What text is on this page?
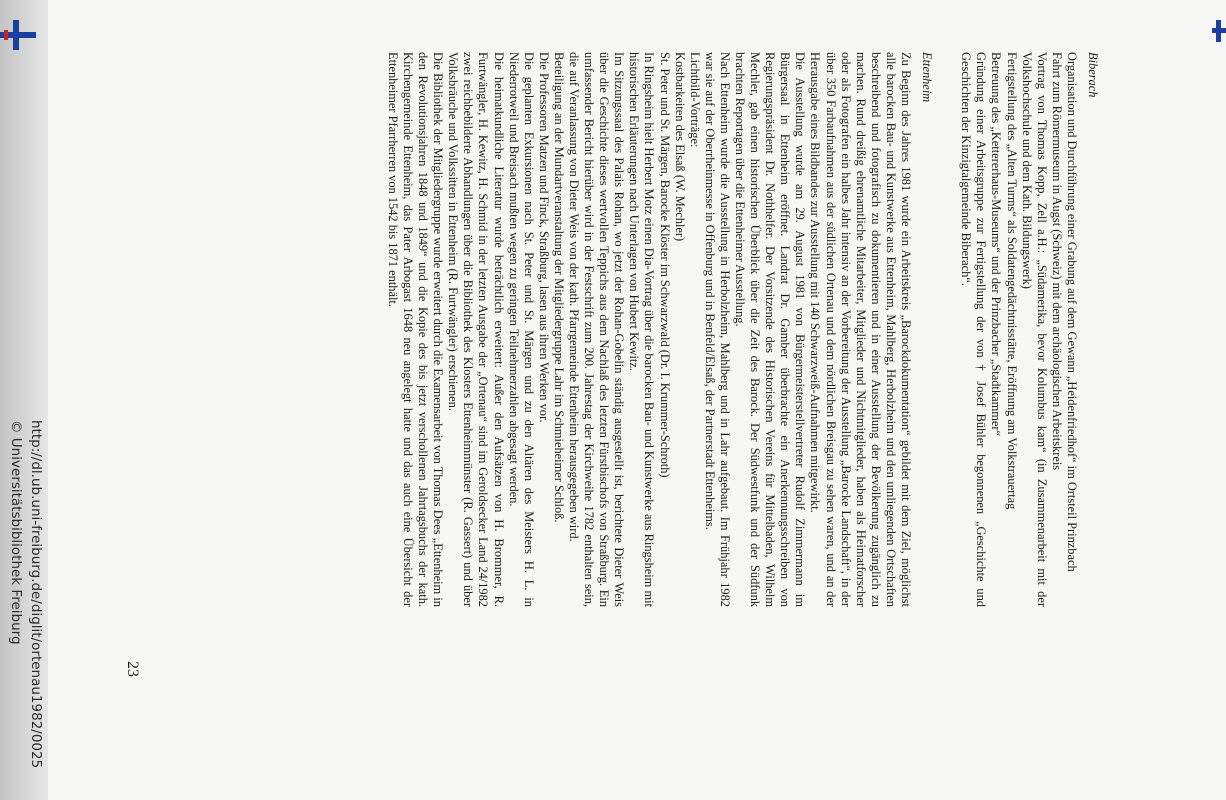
Biberach

Organisation und Durchführung einer Grabung auf dem Gewann „Heidenfriedhof“ im Ortsteil Prinzbach

Fahrt zum Römermuseum in Augst (Schweiz) mit dem archäologischen Arbeitskreis

Vortrag von Thomas Kopp, Zell a.H.: „Südamerika, bevor Kolumbus kam“ (in Zusammenarbeit mit der Volkshochschule und dem Kath. Bildungswerk)

Fertigstellung des „Alten Turms“ als Soldatengedächtnisstätte, Eröffnung am Volkstrauertag

Betreuung des „Kettererhaus-Museums“ und der Prinzbacher „Stadtkammer“

Gründung einer Arbeitsgruppe zur Fertigstellung der von † Josef Bühler begonnenen „Geschichte und Geschichten der Kinzigtalgemeinde Biberach“.

Ettenheim

Zu Beginn des Jahres 1981 wurde ein Arbeitskreis „Barockdokumentation“ gebildet mit dem Ziel, möglichst alle barocken Bau- und Kunstwerke aus Ettenheim, Mahlberg, Herbolzheim und den umliegenden Ortschaften beschreibend und fotografisch zu dokumentieren und in einer Ausstellung der Bevölkerung zugänglich zu machen. Rund dreißig ehrenamtliche Mitarbeiter, Mitglieder und Nichtmitglieder, haben als Heimatforscher oder als Fotografen ein halbes Jahr intensiv an der Vorbereitung der Ausstellung „Barocke Landschaft“, in der über 350 Farbaufnahmen aus der südlichen Ortenau und dem nördlichen Breisgau zu sehen waren, und an der Herausgabe eines Bildbandes zur Ausstellung mit 140 Schwarzweiß-Aufnahmen mitgewirkt.

Die Ausstellung wurde am 29. August 1981 von Bürgermeisterstellvertreter Rudolf Zimmermann im Bürgersaal in Ettenheim eröffnet. Landrat Dr. Gamber überbrachte ein Anerkennungsschreiben von Regierungspräsident Dr. Nothhelfer. Der Vorsitzende des Historischen Vereins für Mittelbaden, Wilhelm Mechler, gab einen historischen Überblick über die Zeit des Barock. Der Südwestfunk und der Südfunk brachten Reportagen über die Ettenheimer Ausstellung.

Nach Ettenheim wurde die Ausstellung in Herbolzheim, Mahlberg und in Lahr aufgebaut. Im Frühjahr 1982 war sie auf der Oberrheinmesse in Offenburg und in Benfeld/Elsaß, der Partnerstadt Ettenheims.

Lichtbild-Vorträge:

Kostbarkeiten des Elsaß (W. Mechler)

St. Peter und St. Märgen, Barocke Klöster im Schwarzwald (Dr. I. Krummer-Schroth)

In Ringsheim hielt Herbert Motz einen Dia-Vortrag über die barocken Bau- und Kunstwerke aus Ringsheim mit historischen Erläuterungen nach Unterlagen von Hubert Kewitz.

Im Sitzungssaal des Palais Rohan, wo jetzt der Rohan-Gobelin ständig ausgestellt ist, berichtete Dieter Weis über die Geschichte dieses wertvollen Teppichs aus dem Nachlaß des letzten Fürstbischofs von Straßburg. Ein umfassender Bericht hierüber wird in der Festschrift zum 200. Jahrestag der Kirchweihe 1782 enthalten sein, die auf Veranlassung von Dieter Weis von der kath. Pfarrgemeinde Ettenheim herausgegeben wird.

Beteiligung an der Mundartveranstaltung der Mitgliedergruppe Lahr im Schmieheimer Schloß.

Die Professoren Matzen und Finck, Straßburg, lasen aus ihren Werken vor.

Die geplanten Exkursionen nach St. Peter und St. Märgen und zu den Altären des Meisters H. L. in Niederrotweil und Breisach mußten wegen zu geringen Teilnehmerzahlen abgesagt werden.

Die heimatkundliche Literatur wurde beträchtlich erweitert: Außer den Aufsätzen von H. Brommer, R. Furtwängler, H. Kewitz, H. Schmid in der letzten Ausgabe der „Ortenau“ sind im Geroldsecker Land 24/1982 zwei reichbebilderte Abhandlungen über die Bibliothek des Klosters Ettenheimmünster (R. Gassert) und über Volksbräuche und Volkssitten in Ettenheim (R. Furtwängler) erschienen.

Die Bibliothek der Mitgliedergruppe wurde erweitert durch die Examensarbeit von Thomas Dees „Ettenheim in den Revolutionsjahren 1848 und 1849“ und die Kopie des bis jetzt verschollenen Jahrtagsbuchs der kath. Kirchengemeinde Ettenheim, das Pater Arbogast 1648 neu angelegt hatte und das auch eine Übersicht der Ettenheimer Pfarrherren von 1542 bis 1871 enthält.

23
http://dl.ub.uni-freiburg.de/diglit/ortenau1982/0025
© Universitätsbibliothek Freiburg
